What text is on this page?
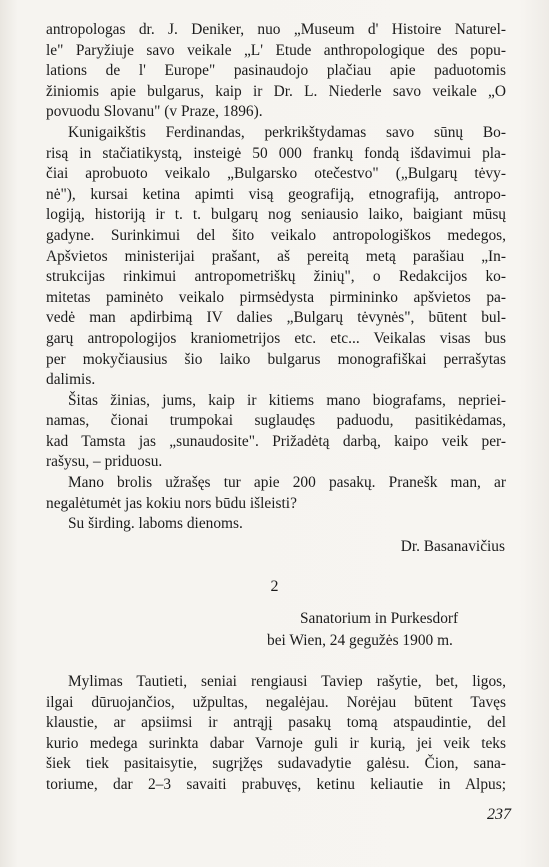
antropologas dr. J. Deniker, nuo „Museum d' Histoire Naturel-
le" Paryžiuje savo veikale „L' Etude anthropologique des popu-
lations de l' Europe" pasinaudojo plačiau apie paduotomis
žiniomis apie bulgarus, kaip ir Dr. L. Niederle savo veikale „O
povuodu Slovanu" (v Praze, 1896).
Kunigaikštis Ferdinandas, perkrikštydamas savo sūnų Bo-
risą in stačiatikystą, insteigė 50 000 frankų fondą išdavimui pla-
čiai aprobuoto veikalo „Bulgarsko otečestvo" („Bulgarų tėvy-
nė"), kursai ketina apimti visą geografiją, etnografiją, antropo-
logiją, historiją ir t. t. bulgarų nog seniausio laiko, baigiant mūsų
gadyne. Surinkimui del šito veikalo antropologiškos medegos,
Apšvietos ministerijai prašant, aš pereitą metą parašiau „In-
strukcijas rinkimui antropometriškų žinių", o Redakcijos ko-
mitetas paminėto veikalo pirmsėdysta pirmininko apšvietos pa-
vedė man apdirbimą IV dalies „Bulgarų tėvynės", būtent bul-
garų antropologijos kraniometrijos etc. etc... Veikalas visas bus
per mokyčiausius šio laiko bulgarus monografiškai perrašytas
dalimis.
Šitas žinias, jums, kaip ir kitiems mano biografams, nepriei-
namas, čionai trumpokai suglaudęs paduodu, pasitikėdamas,
kad Tamsta jas „sunaudosite". Prižadėtą darbą, kaipo veik per-
rašysu, – priduosu.
Mano brolis užrašęs tur apie 200 pasakų. Pranešk man, ar
negalėtumėt jas kokiu nors būdu išleisti?
Su širding. laboms dienoms.
Dr. Basanavičius
2
Sanatorium in Purkesdorf
bei Wien, 24 gegužės 1900 m.
Mylimas Tautieti, seniai rengiausi Taviep rašytie, bet, ligos,
ilgai dūruojančios, užpultas, negalėjau. Norėjau būtent Tavęs
klaustie, ar apsiimsi ir antrąjį pasakų tomą atspaudintie, del
kurio medega surinkta dabar Varnoje guli ir kurią, jei veik teks
šiek tiek pasitaisytie, sugrįžęs sudavadytie galėsu. Čion, sana-
toriume, dar 2–3 savaiti prabuvęs, ketinu keliautie in Alpus;
237
